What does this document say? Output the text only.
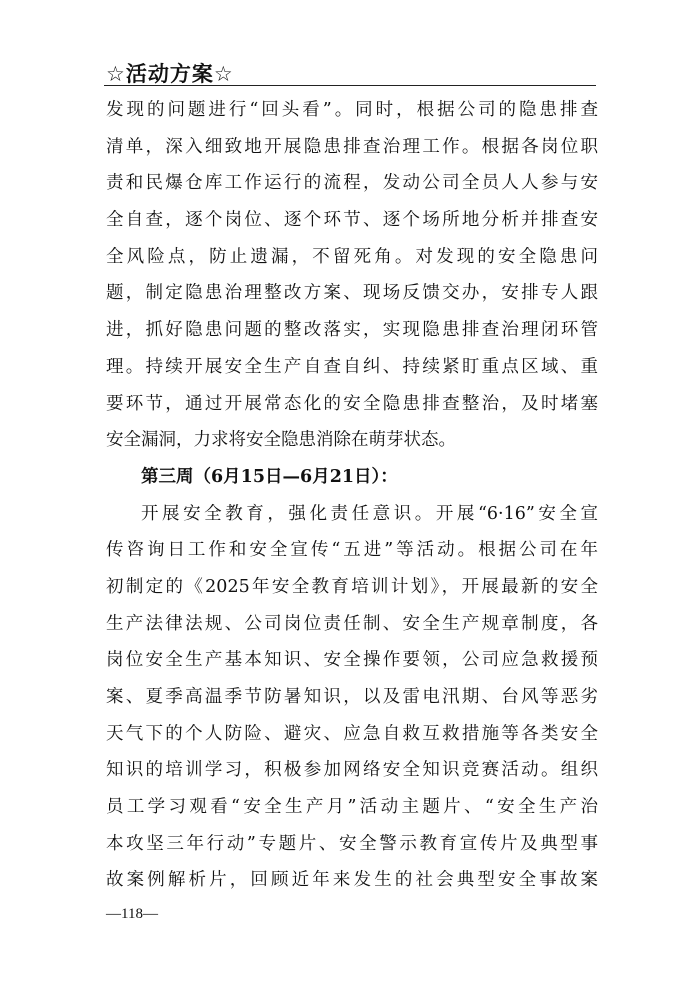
☆活动方案☆
发现的问题进行“回头看”。同时，根据公司的隐患排查
清单，深入细致地开展隐患排查治理工作。根据各岗位职
责和民爆仓库工作运行的流程，发动公司全员人人参与安
全自查，逐个岗位、逐个环节、逐个场所地分析并排查安
全风险点，防止遗漏，不留死角。对发现的安全隐患问
题，制定隐患治理整改方案、现场反馈交办，安排专人跟
进，抓好隐患问题的整改落实，实现隐患排查治理闭环管
理。持续开展安全生产自查自纠、持续紧盯重点区域、重
要环节，通过开展常态化的安全隐患排查整治，及时堵塞
安全漏洞，力求将安全隐患消除在萌芽状态。
第三周（6月15日—6月21日）：
开展安全教育，强化责任意识。开展“6·16”安全宣
传咨询日工作和安全宣传“五进”等活动。根据公司在年
初制定的《2025年安全教育培训计划》，开展最新的安全
生产法律法规、公司岗位责任制、安全生产规章制度，各
岗位安全生产基本知识、安全操作要领，公司应急救援预
案、夏季高温季节防暑知识，以及雷电汛期、台风等恶劣
天气下的个人防险、避灾、应急自救互救措施等各类安全
知识的培训学习，积极参加网络安全知识竞赛活动。组织
员工学习观看“安全生产月”活动主题片、“安全生产治
本攻坚三年行动”专题片、安全警示教育宣传片及典型事
故案例解析片，回顾近年来发生的社会典型安全事故案
—118—
